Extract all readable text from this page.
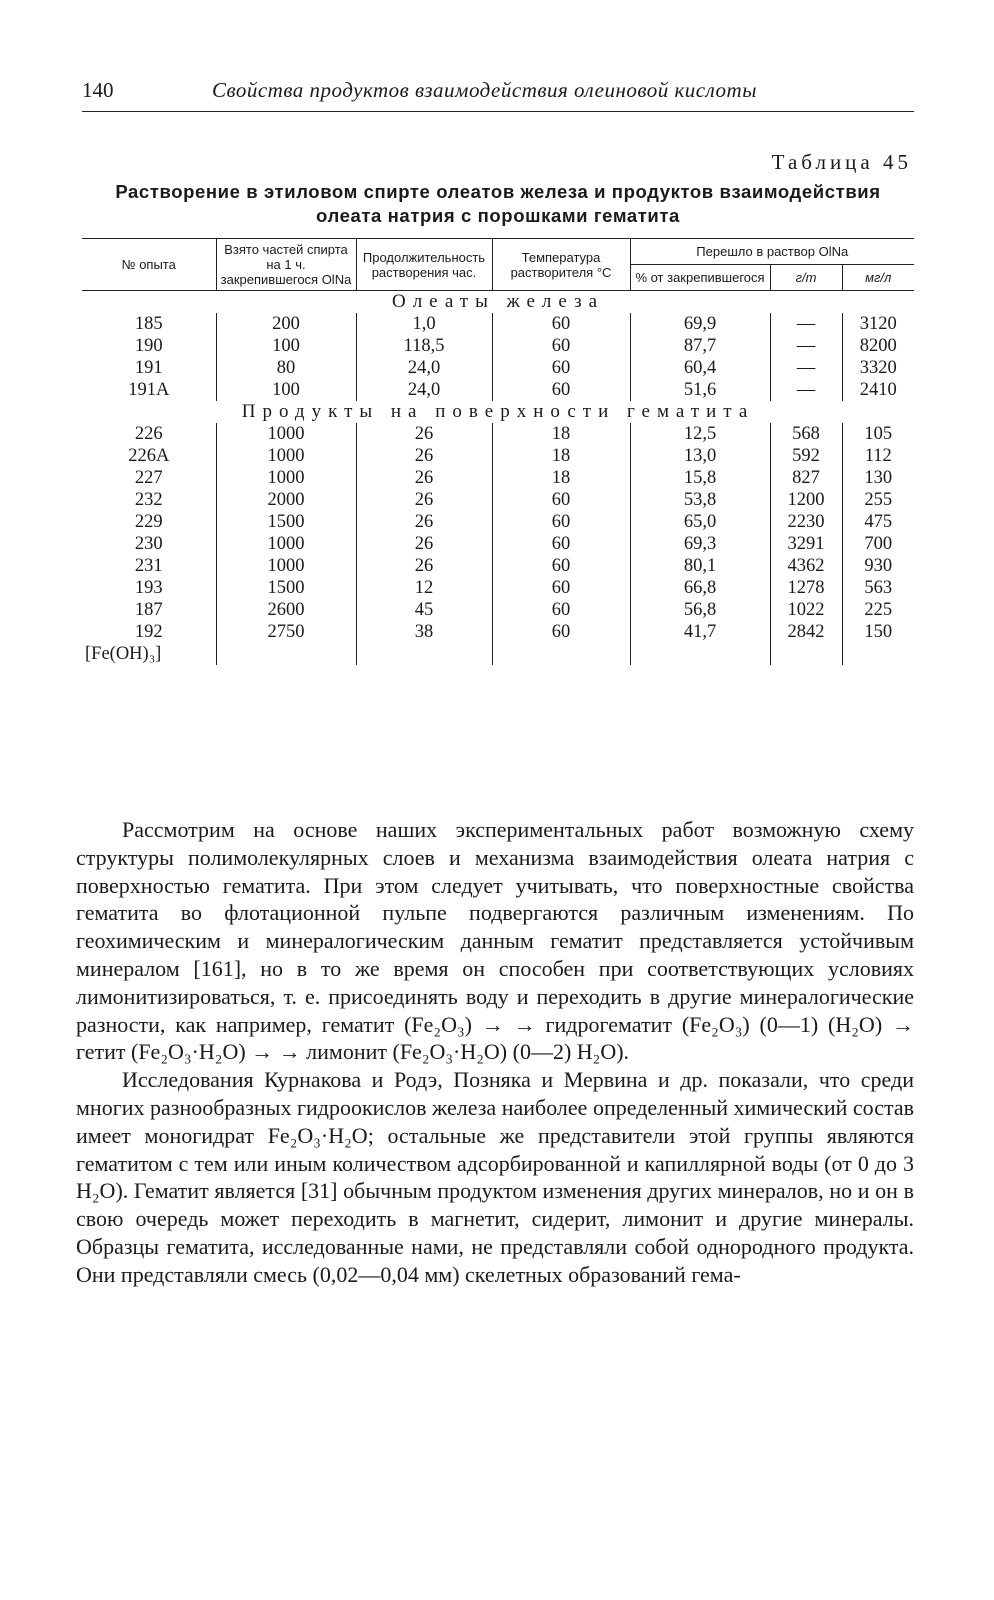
140	Свойства продуктов взаимодействия олеиновой кислоты
Таблица 45
Растворение в этиловом спирте олеатов железа и продуктов взаимодействия олеата натрия с порошками гематита
№ опыта	Взято частей спирта на 1 ч. закрепившегося OlNa	Продолжительность растворения час.	Температура растворителя °C	Перешло в раствор OlNa		
				% от закрепившегося	г/т	мг/л
Олеаты железа						
185	200	1,0	60	69,9	—	3120
190	100	118,5	60	87,7	—	8200
191	80	24,0	60	60,4	—	3320
191А	100	24,0	60	51,6	—	2410
Продукты на поверхности гематита						
226	1000	26	18	12,5	568	105
226А	1000	26	18	13,0	592	112
227	1000	26	18	15,8	827	130
232	2000	26	60	53,8	1200	255
229	1500	26	60	65,0	2230	475
230	1000	26	60	69,3	3291	700
231	1000	26	60	80,1	4362	930
193	1500	12	60	66,8	1278	563
187	2600	45	60	56,8	1022	225
192	2750	38	60	41,7	2842	150
[Fe(OH)₃]						

Рассмотрим на основе наших экспериментальных работ возможную схему структуры полимолекулярных слоев и механизма взаимодействия олеата натрия с поверхностью гематита. При этом следует учитывать, что поверхностные свойства гематита во флотационной пульпе подвергаются различным изменениям. По геохимическим и минералогическим данным гематит представляется устойчивым минералом [161], но в то же время он способен при соответствующих условиях лимонитизироваться, т. е. присоединять воду и переходить в другие минералогические разности, как например, гематит (Fe₂O₃) → → гидрогематит (Fe₂O₃) (0—1) (H₂O) → гетит (Fe₂O₃·H₂O) → → лимонит (Fe₂O₃·H₂O) (0—2) H₂O).

Исследования Курнакова и Родэ, Позняка и Мервина и др. показали, что среди многих разнообразных гидроокислов железа наиболее определенный химический состав имеет моногидрат Fe₂O₃·H₂O; остальные же представители этой группы являются гематитом с тем или иным количеством адсорбированной и капиллярной воды (от 0 до 3 H₂O). Гематит является [31] обычным продуктом изменения других минералов, но и он в свою очередь может переходить в магнетит, сидерит, лимонит и другие минералы. Образцы гематита, исследованные нами, не представляли собой однородного продукта. Они представляли смесь (0,02—0,04 мм) скелетных образований гема-
